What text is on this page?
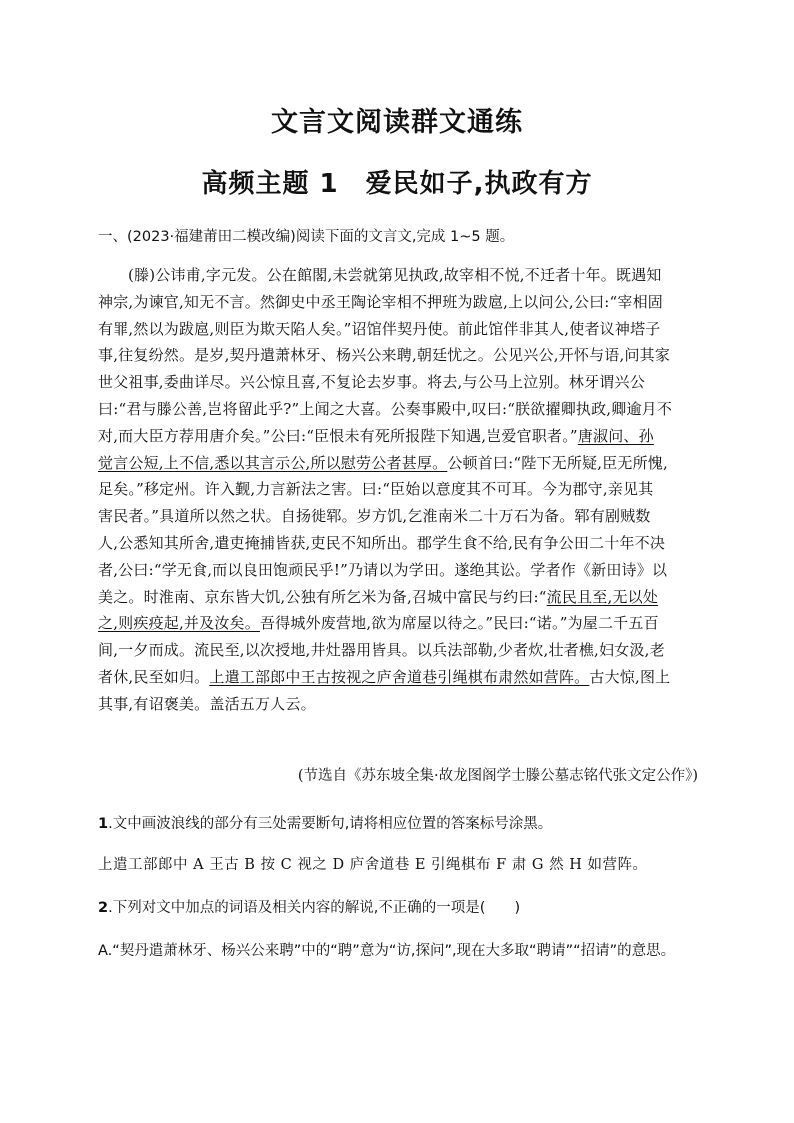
文言文阅读群文通练
高频主题 1　爱民如子,执政有方
一、(2023·福建莆田二模改编)阅读下面的文言文,完成 1~5 题。
(滕)公讳甫,字元发。公在館閣,未尝就第见执政,故宰相不悦,不迁者十年。既遇知
神宗,为谏官,知无不言。然御史中丞王陶论宰相不押班为跋扈,上以问公,公曰:“宰相固
有罪,然以为跋扈,则臣为欺天陷人矣。”诏馆伴契丹使。前此馆伴非其人,使者议神塔子
事,往复纷然。是岁,契丹遣萧林牙、杨兴公来聘,朝廷忧之。公见兴公,开怀与语,问其家
世父祖事,委曲详尽。兴公惊且喜,不复论去岁事。将去,与公马上泣别。林牙谓兴公
曰:“君与滕公善,岂将留此乎?”上闻之大喜。公奏事殿中,叹曰:“朕欲擢卿执政,卿逾月不
对,而大臣方荐用唐介矣。”公曰:“臣恨未有死所报陛下知遇,岂爱官职者。”唐淑问、孙
觉言公短,上不信,悉以其言示公,所以慰劳公者甚厚。公顿首曰:“陛下无所疑,臣无所愧,
足矣。”移定州。许入觐,力言新法之害。曰:“臣始以意度其不可耳。今为郡守,亲见其
害民者。”具道所以然之状。自扬徙郓。岁方饥,乞淮南米二十万石为备。郓有剧贼数
人,公悉知其所舍,遣吏掩捕皆获,吏民不知所出。郡学生食不给,民有争公田二十年不决
者,公曰:“学无食,而以良田饱顽民乎!”乃请以为学田。遂绝其讼。学者作《新田诗》以
美之。时淮南、京东皆大饥,公独有所乞米为备,召城中富民与约曰:“流民且至,无以处
之,则疾疫起,并及汝矣。吾得城外废营地,欲为席屋以待之。”民曰:“诺。”为屋二千五百
间,一夕而成。流民至,以次授地,井灶器用皆具。以兵法部勒,少者炊,壮者樵,妇女汲,老
者休,民至如归。上遣工部郎中王古按视之庐舍道巷引绳棋布肃然如营阵。古大惊,图上
其事,有诏褒美。盖活五万人云。
(节选自《苏东坡全集·故龙图阁学士滕公墓志铭代张文定公作》)
1.文中画波浪线的部分有三处需要断句,请将相应位置的答案标号涂黑。
上遣工部郎中 A 王古 B 按 C 视之 D 庐舍道巷 E 引绳棋布 F 肃 G 然 H 如营阵。
2.下列对文中加点的词语及相关内容的解说,不正确的一项是(　　)
A.“契丹遣萧林牙、杨兴公来聘”中的“聘”意为“访,探问”,现在大多取“聘请”“招请”的意思。
